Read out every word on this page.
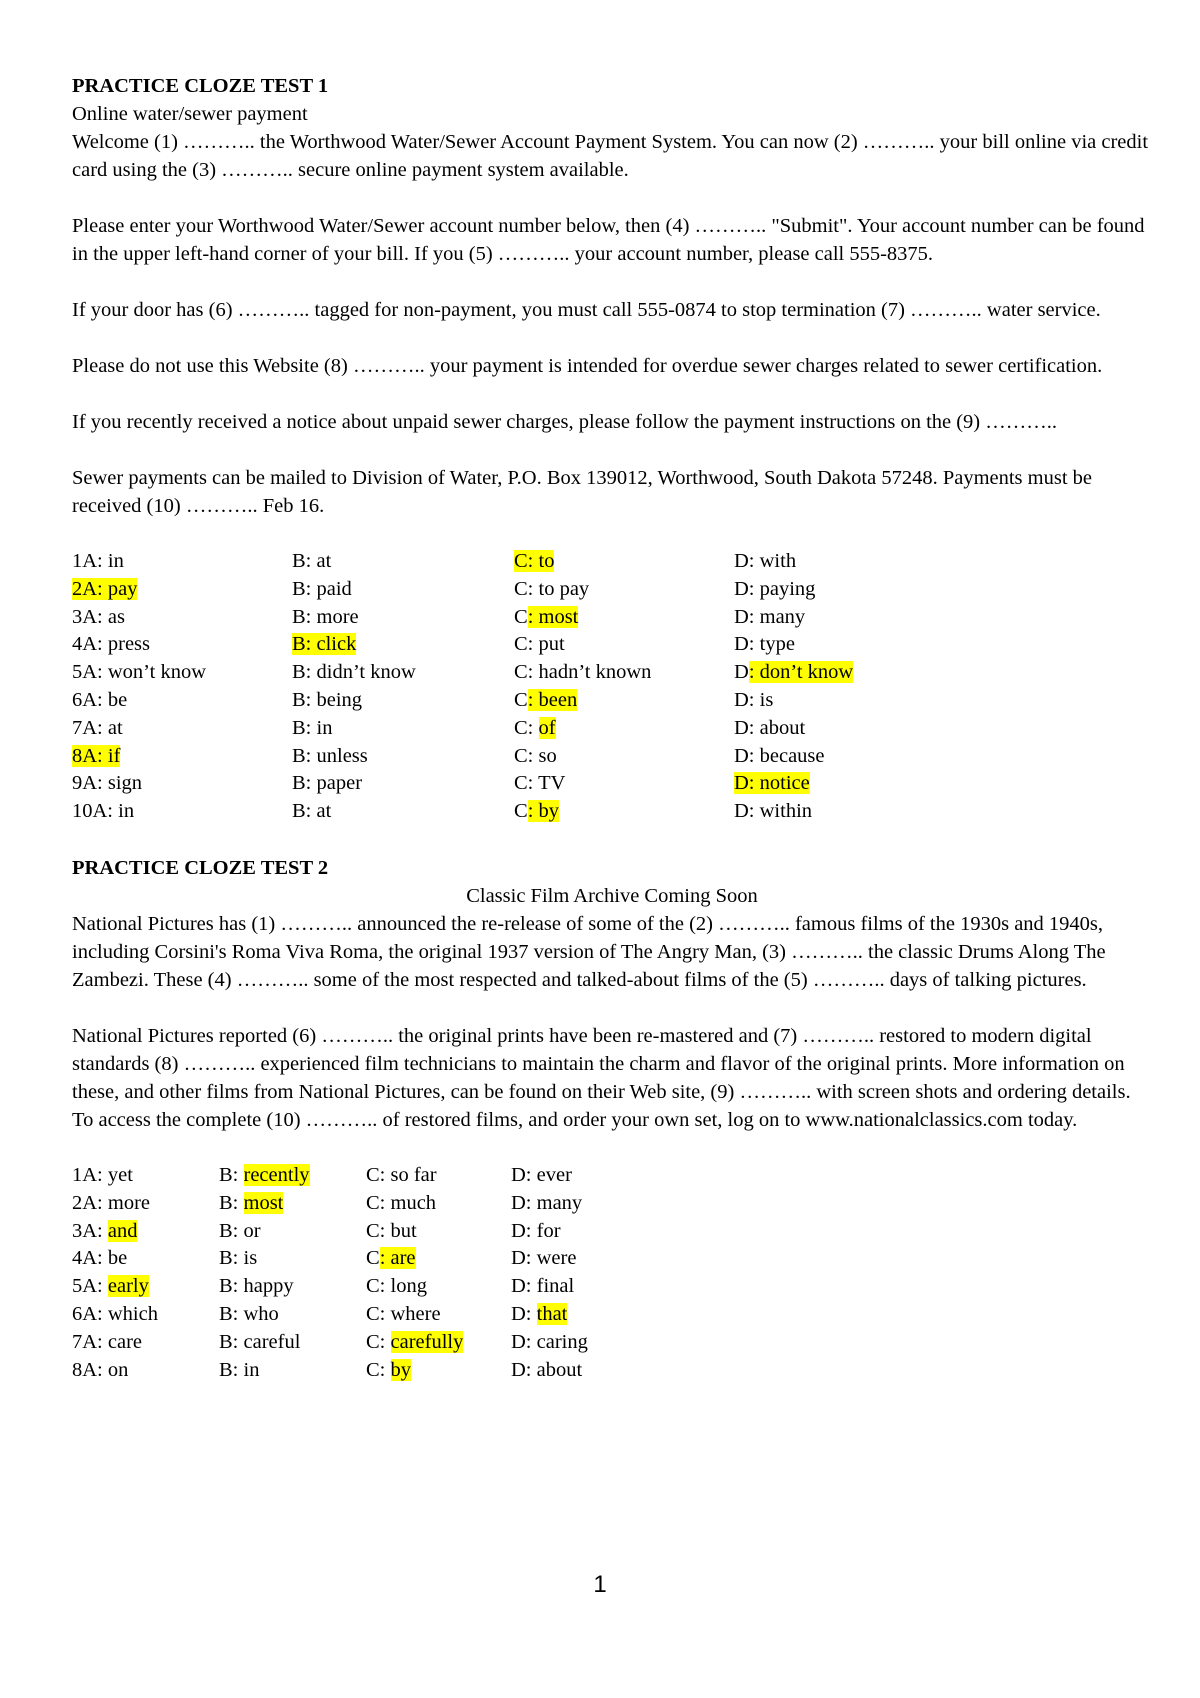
PRACTICE CLOZE TEST 1

Online water/sewer payment

Welcome (1) ……….. the Worthwood Water/Sewer Account Payment System. You can now (2) ……….. your bill online via credit card using the (3) ……….. secure online payment system available.

Please enter your Worthwood Water/Sewer account number below, then (4) ……….. "Submit". Your account number can be found in the upper left-hand corner of your bill. If you (5) ……….. your account number, please call 555-8375.

If your door has (6) ……….. tagged for non-payment, you must call 555-0874 to stop termination (7) ……….. water service.

Please do not use this Website (8) ……….. your payment is intended for overdue sewer charges related to sewer certification.

If you recently received a notice about unpaid sewer charges, please follow the payment instructions on the (9) ………..

Sewer payments can be mailed to Division of Water, P.O. Box 139012, Worthwood, South Dakota 57248. Payments must be received (10) ……….. Feb 16.

1A: in	B: at	C: to	D: with
2A: pay	B: paid	C: to pay	D: paying
3A: as	B: more	C: most	D: many
4A: press	B: click	C: put	D: type
5A: won’t know	B: didn’t know	C: hadn’t known	D: don’t know
6A: be	B: being	C: been	D: is
7A: at	B: in	C: of	D: about
8A: if	B: unless	C: so	D: because
9A: sign	B: paper	C: TV	D: notice
10A: in	B: at	C: by	D: within

PRACTICE CLOZE TEST 2

Classic Film Archive Coming Soon

National Pictures has (1) ……….. announced the re-release of some of the (2) ……….. famous films of the 1930s and 1940s, including Corsini's Roma Viva Roma, the original 1937 version of The Angry Man, (3) ……….. the classic Drums Along The Zambezi. These (4) ……….. some of the most respected and talked-about films of the (5) ……….. days of talking pictures.

National Pictures reported (6) ……….. the original prints have been re-mastered and (7) ……….. restored to modern digital standards (8) ……….. experienced film technicians to maintain the charm and flavor of the original prints. More information on these, and other films from National Pictures, can be found on their Web site, (9) ……….. with screen shots and ordering details. To access the complete (10) ……….. of restored films, and order your own set, log on to www.nationalclassics.com today.

1A: yet	B: recently	C: so far	D: ever
2A: more	B: most	C: much	D: many
3A: and	B: or	C: but	D: for
4A: be	B: is	C: are	D: were
5A: early	B: happy	C: long	D: final
6A: which	B: who	C: where	D: that
7A: care	B: careful	C: carefully	D: caring
8A: on	B: in	C: by	D: about
1
